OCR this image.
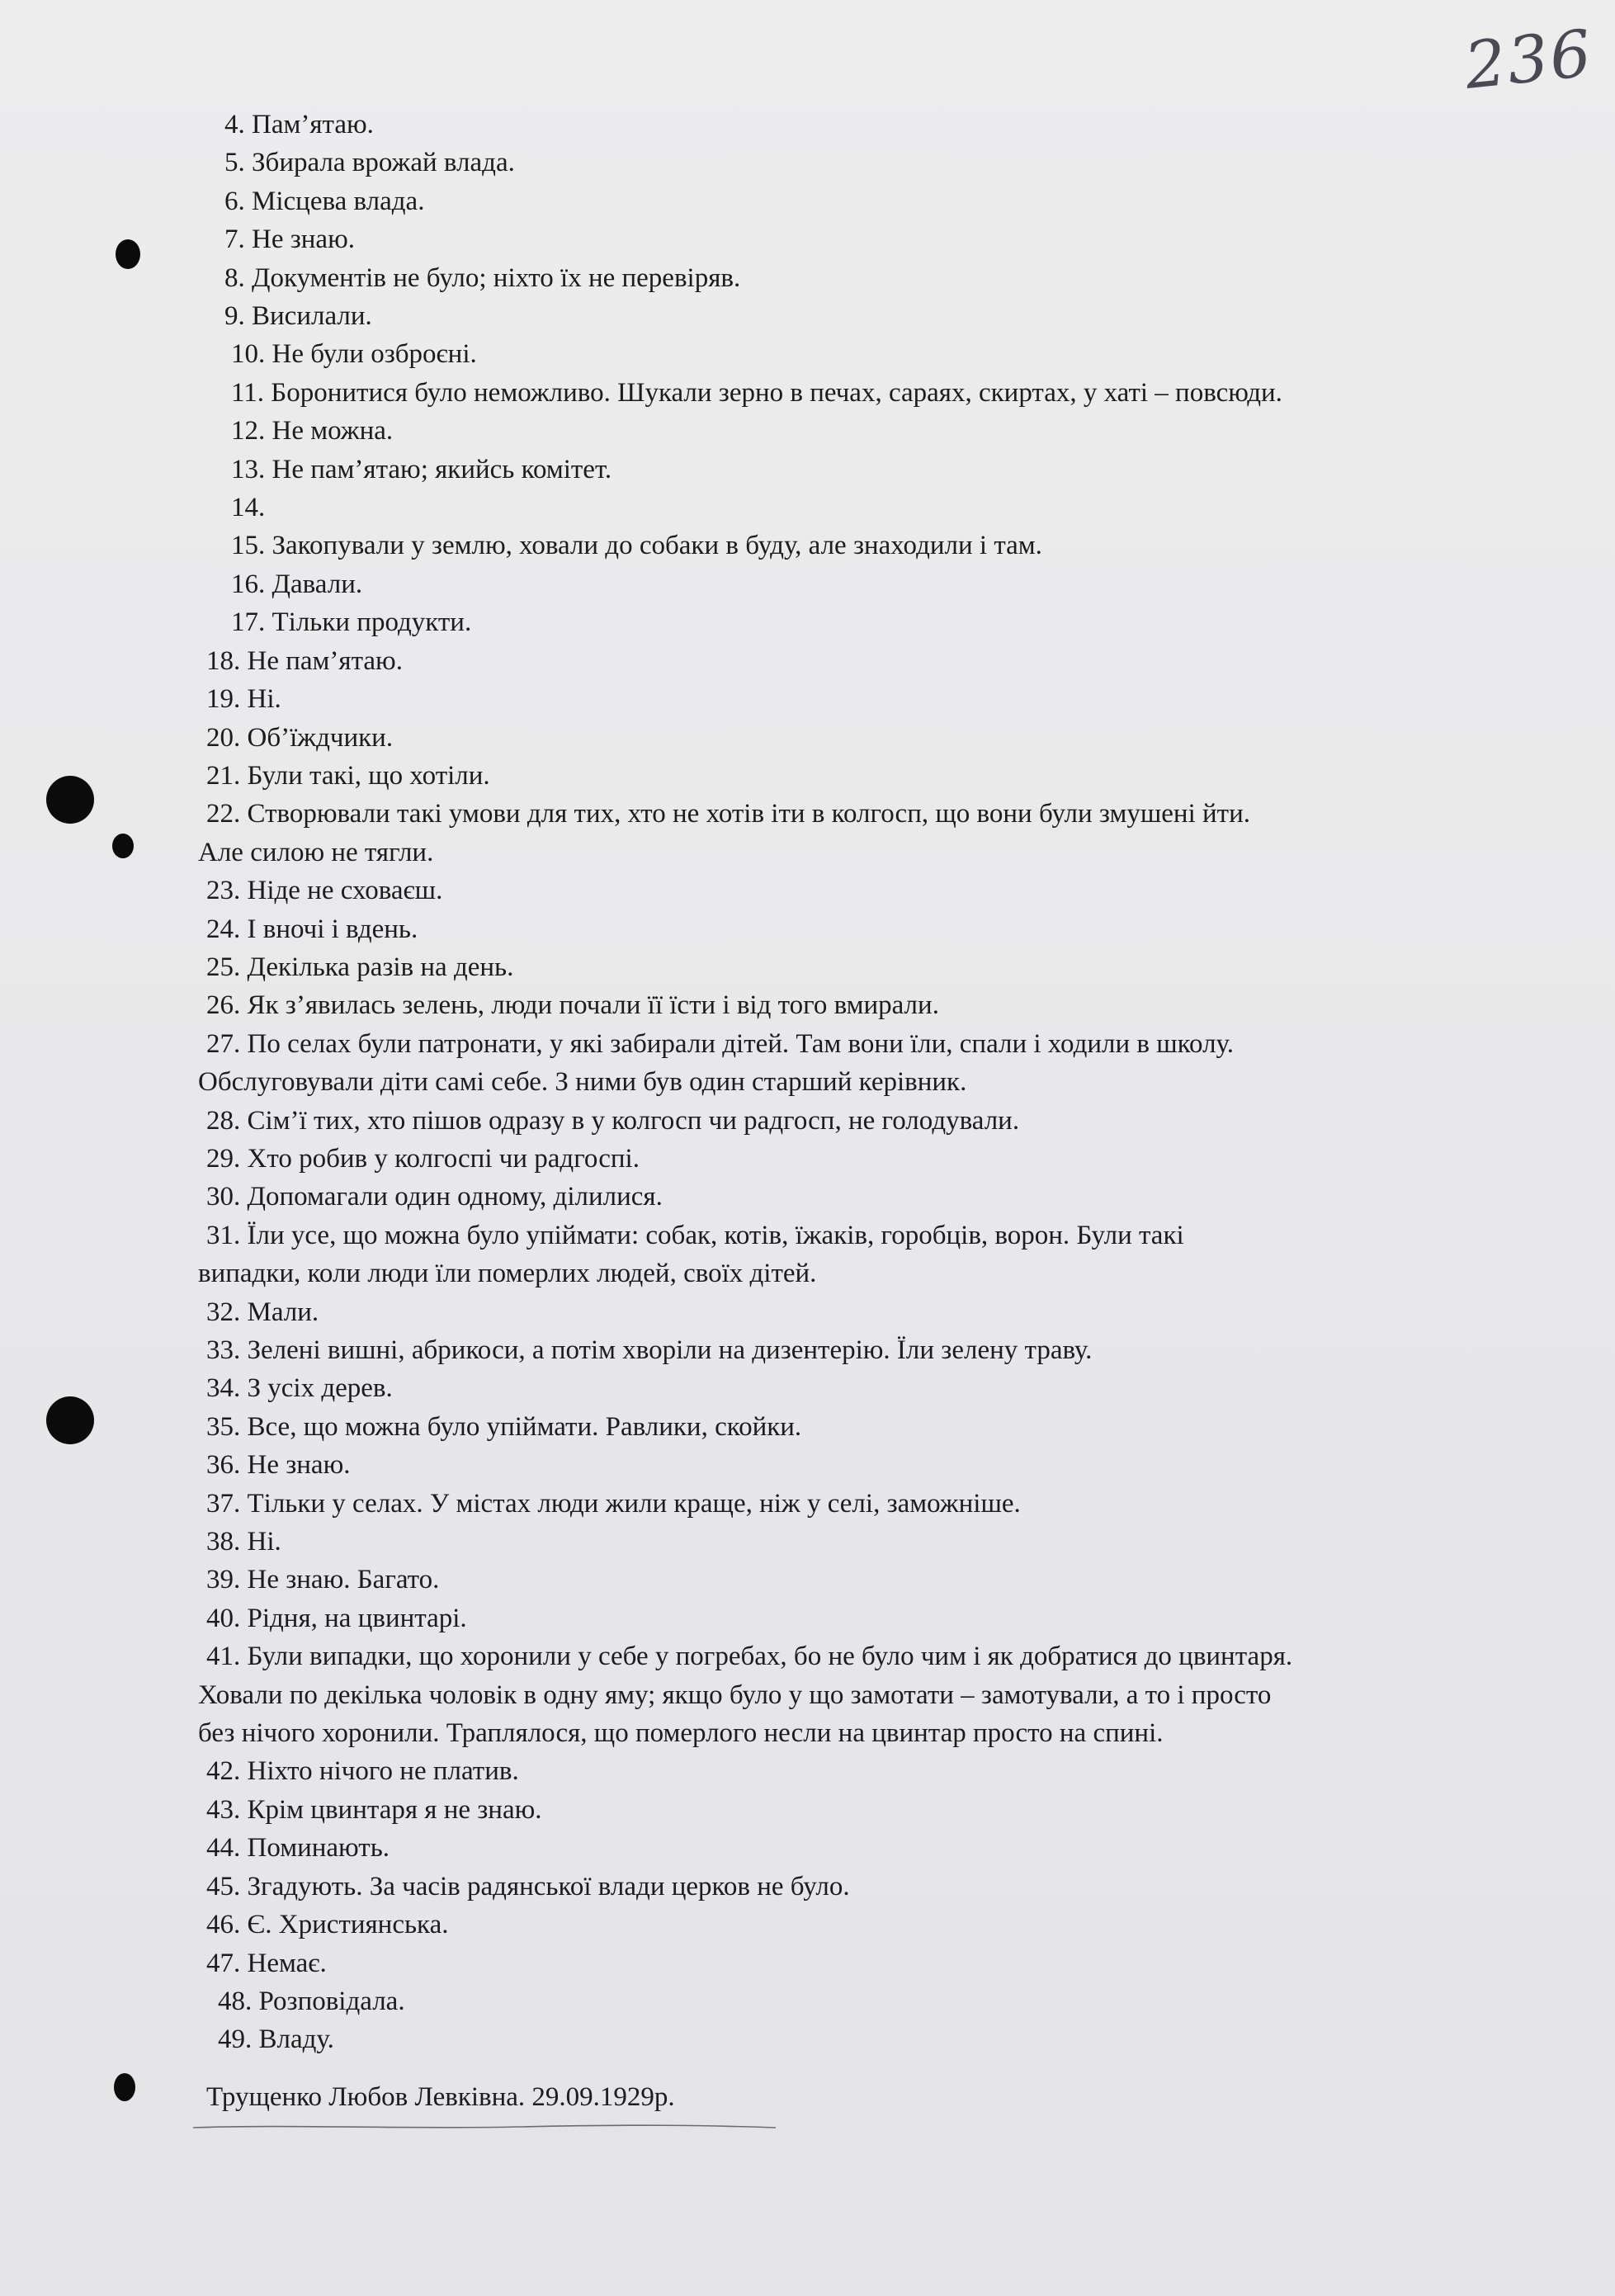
236
4. Пам’ятаю.
5. Збирала врожай влада.
6. Місцева влада.
7. Не знаю.
8. Документів не було; ніхто їх не перевіряв.
9. Висилали.
10. Не були озброєні.
11. Боронитися було неможливо. Шукали зерно в печах, сараях, скиртах, у хаті – повсюди.
12. Не можна.
13. Не пам’ятаю; якийсь комітет.
14.
15. Закопували у землю, ховали до собаки в буду, але знаходили і там.
16. Давали.
17. Тільки продукти.
18. Не пам’ятаю.
19. Ні.
20. Об’їждчики.
21. Були такі, що хотіли.
22. Створювали такі умови для тих, хто не хотів іти в колгосп, що вони були змушені йти.
Але силою не тягли.
23. Ніде не сховаєш.
24. І вночі і вдень.
25. Декілька разів на день.
26. Як з’явилась зелень, люди почали її їсти і від того вмирали.
27. По селах були патронати, у які забирали дітей. Там вони їли, спали і ходили в школу.
Обслуговували діти самі себе. З ними був один старший керівник.
28. Сім’ї тих, хто пішов одразу в у колгосп чи радгосп, не голодували.
29. Хто робив у колгоспі чи радгоспі.
30. Допомагали один одному, ділилися.
31. Їли усе, що можна було упіймати: собак, котів, їжаків, горобців, ворон. Були такі
випадки, коли люди їли померлих людей, своїх дітей.
32. Мали.
33. Зелені вишні, абрикоси, а потім хворіли на дизентерію. Їли зелену траву.
34. З усіх дерев.
35. Все, що можна було упіймати. Равлики, скойки.
36. Не знаю.
37. Тільки у селах. У містах люди жили краще, ніж у селі, заможніше.
38. Ні.
39. Не знаю. Багато.
40. Рідня, на цвинтарі.
41. Були випадки, що хоронили у себе у погребах, бо не було чим і як добратися до цвинтаря.
Ховали по декілька чоловік в одну яму; якщо було у що замотати – замотували, а то і просто
без нічого хоронили. Траплялося, що померлого несли на цвинтар просто на спині.
42. Ніхто нічого не платив.
43. Крім цвинтаря я не знаю.
44. Поминають.
45. Згадують. За часів радянської влади церков не було.
46. Є. Християнська.
47. Немає.
48. Розповідала.
49. Владу.
Трущенко Любов Левківна. 29.09.1929р.
